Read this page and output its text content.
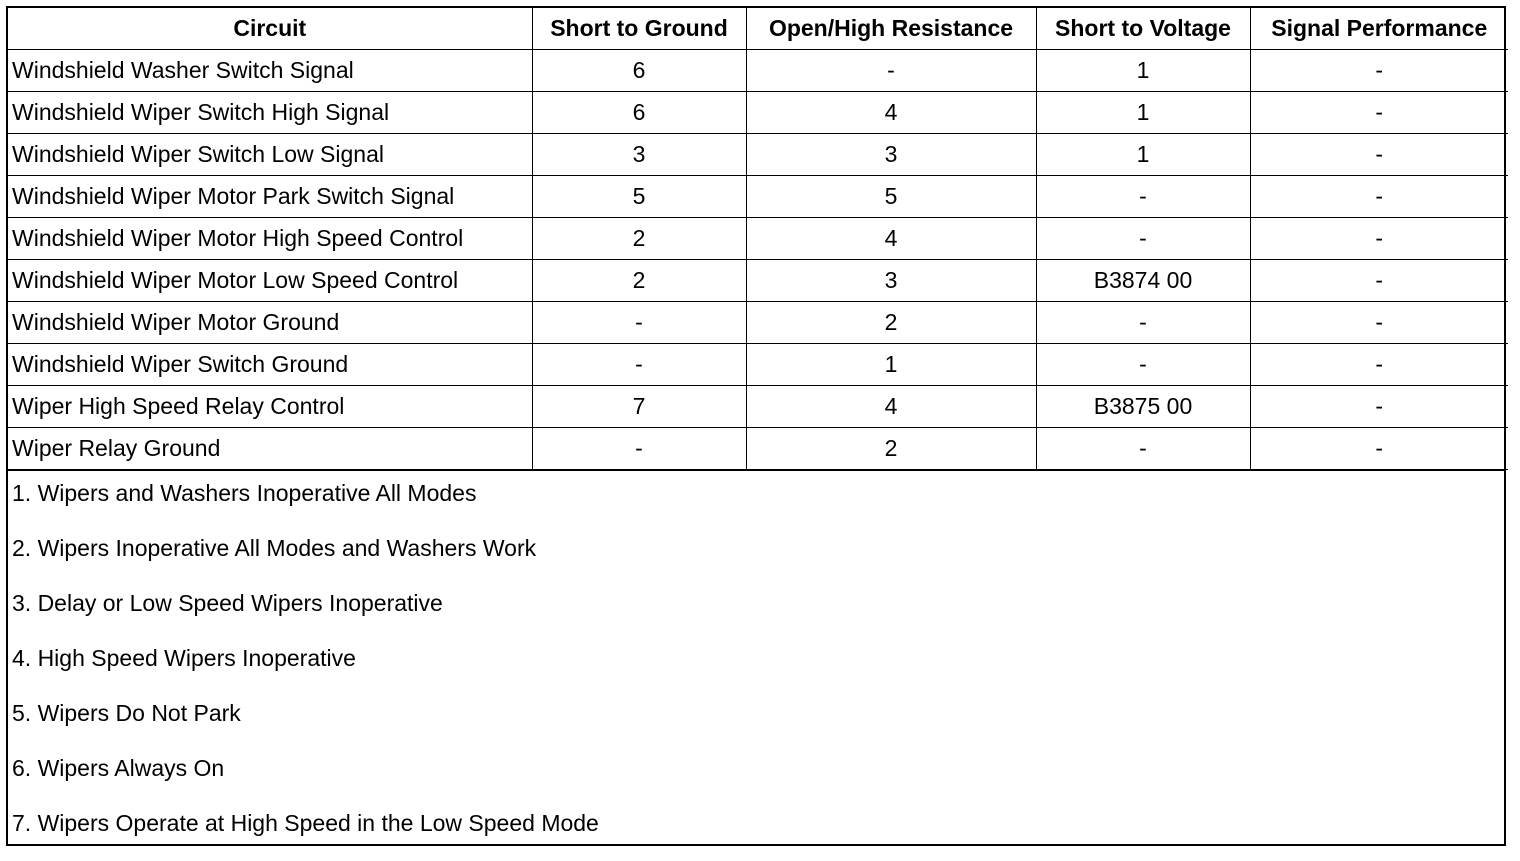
Circuit	Short to Ground	Open/High Resistance	Short to Voltage	Signal Performance
Windshield Washer Switch Signal	6	-	1	-
Windshield Wiper Switch High Signal	6	4	1	-
Windshield Wiper Switch Low Signal	3	3	1	-
Windshield Wiper Motor Park Switch Signal	5	5	-	-
Windshield Wiper Motor High Speed Control	2	4	-	-
Windshield Wiper Motor Low Speed Control	2	3	B3874 00	-
Windshield Wiper Motor Ground	-	2	-	-
Windshield Wiper Switch Ground	-	1	-	-
Wiper High Speed Relay Control	7	4	B3875 00	-
Wiper Relay Ground	-	2	-	-
1. Wipers and Washers Inoperative All Modes
2. Wipers Inoperative All Modes and Washers Work
3. Delay or Low Speed Wipers Inoperative
4. High Speed Wipers Inoperative
5. Wipers Do Not Park
6. Wipers Always On
7. Wipers Operate at High Speed in the Low Speed Mode
